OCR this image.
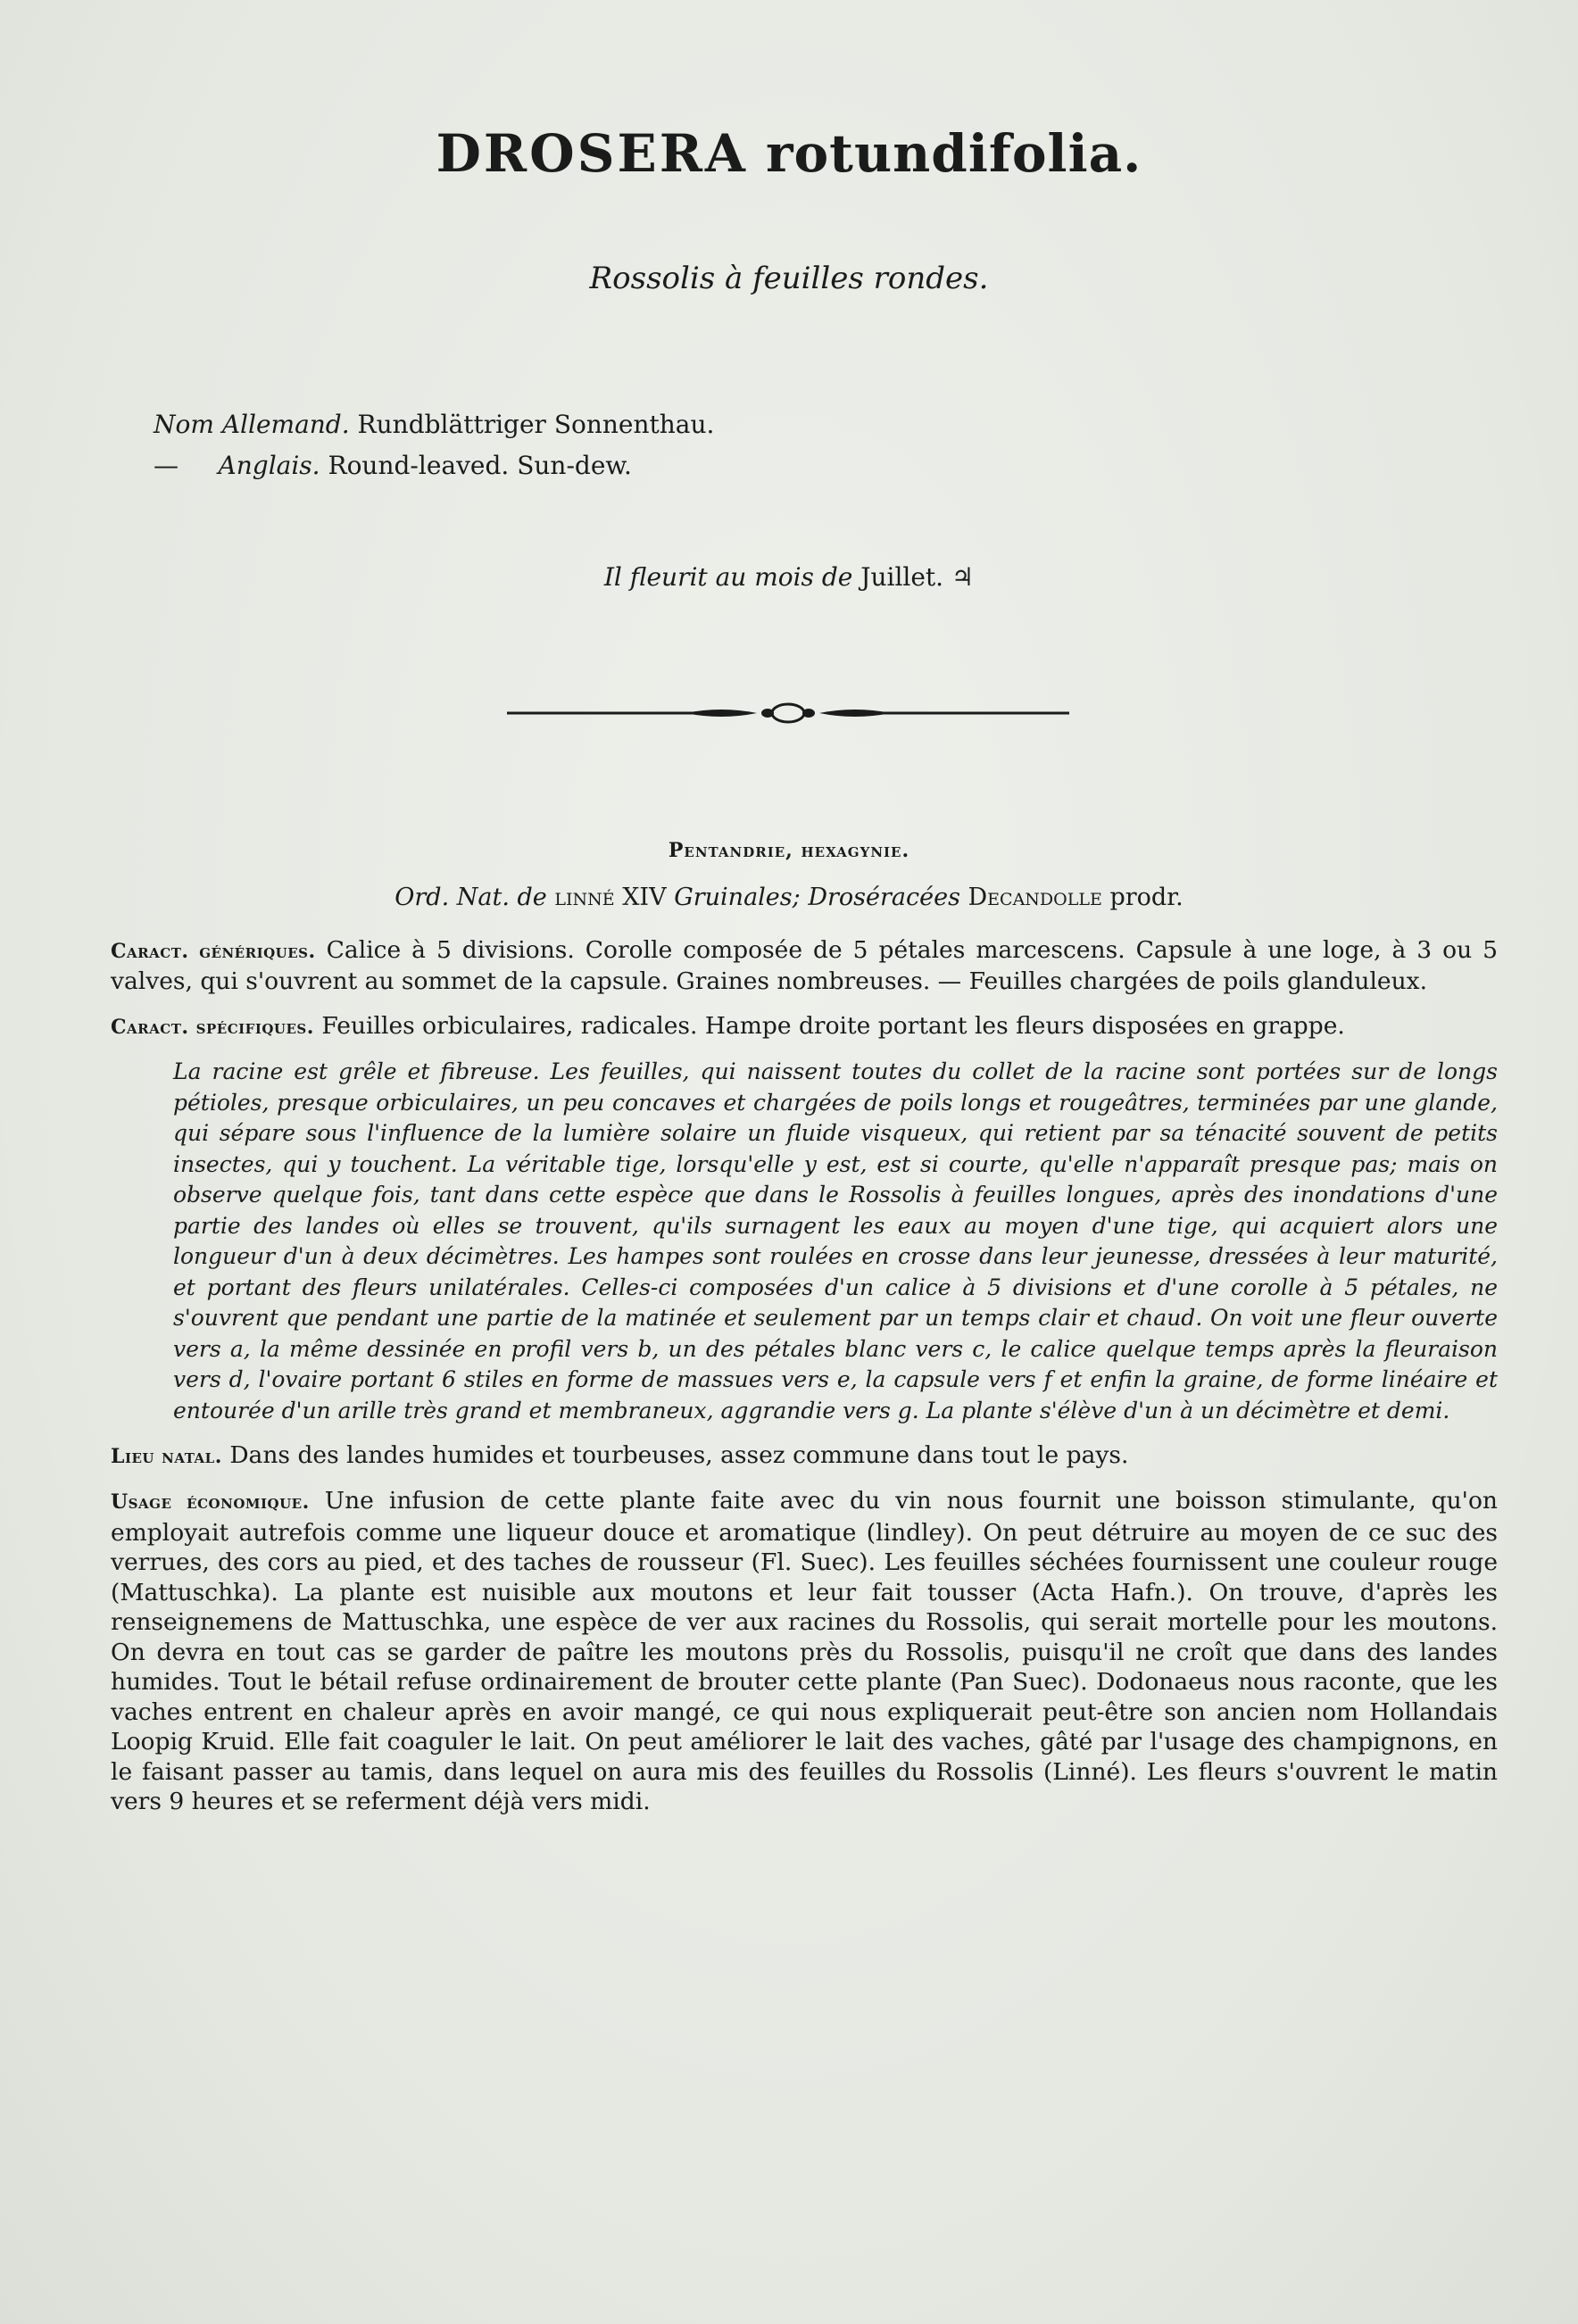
DROSERA rotundifolia.
Rossolis à feuilles rondes.
Nom Allemand. Rundblättriger Sonnenthau.
— Anglais. Round-leaved. Sun-dew.
Il fleurit au mois de Juillet. ♃
Pentandrie, hexagynie.
Ord. Nat. de linné XIV Gruinales; Droséracées Decandolle prodr.

Caract. génériques. Calice à 5 divisions. Corolle composée de 5 pétales marcescens. Capsule à une loge, à 3 ou 5 valves, qui s'ouvrent au sommet de la capsule. Graines nombreuses. — Feuilles chargées de poils glanduleux.

Caract. spécifiques. Feuilles orbiculaires, radicales. Hampe droite portant les fleurs disposées en grappe.

La racine est grêle et fibreuse. Les feuilles, qui naissent toutes du collet de la racine sont portées sur de longs pétioles, presque orbiculaires, un peu concaves et chargées de poils longs et rougeâtres, terminées par une glande, qui sépare sous l'influence de la lumière solaire un fluide visqueux, qui retient par sa ténacité souvent de petits insectes, qui y touchent. La véritable tige, lorsqu'elle y est, est si courte, qu'elle n'apparaît presque pas; mais on observe quelque fois, tant dans cette espèce que dans le Rossolis à feuilles longues, après des inondations d'une partie des landes où elles se trouvent, qu'ils surnagent les eaux au moyen d'une tige, qui acquiert alors une longueur d'un à deux décimètres. Les hampes sont roulées en crosse dans leur jeunesse, dressées à leur maturité, et portant des fleurs unilatérales. Celles-ci composées d'un calice à 5 divisions et d'une corolle à 5 pétales, ne s'ouvrent que pendant une partie de la matinée et seulement par un temps clair et chaud. On voit une fleur ouverte vers a, la même dessinée en profil vers b, un des pétales blanc vers c, le calice quelque temps après la fleuraison vers d, l'ovaire portant 6 stiles en forme de massues vers e, la capsule vers f et enfin la graine, de forme linéaire et entourée d'un arille très grand et membraneux, aggrandie vers g. La plante s'élève d'un à un décimètre et demi.

Lieu natal. Dans des landes humides et tourbeuses, assez commune dans tout le pays.

Usage économique. Une infusion de cette plante faite avec du vin nous fournit une boisson stimulante, qu'on employait autrefois comme une liqueur douce et aromatique (lindley). On peut détruire au moyen de ce suc des verrues, des cors au pied, et des taches de rousseur (Fl. Suec). Les feuilles séchées fournissent une couleur rouge (Mattuschka). La plante est nuisible aux moutons et leur fait tousser (Acta Hafn.). On trouve, d'après les renseignemens de Mattuschka, une espèce de ver aux racines du Rossolis, qui serait mortelle pour les moutons. On devra en tout cas se garder de paître les moutons près du Rossolis, puisqu'il ne croît que dans des landes humides. Tout le bétail refuse ordinairement de brouter cette plante (Pan Suec). Dodonaeus nous raconte, que les vaches entrent en chaleur après en avoir mangé, ce qui nous expliquerait peut-être son ancien nom Hollandais Loopig Kruid. Elle fait coaguler le lait. On peut améliorer le lait des vaches, gâté par l'usage des champignons, en le faisant passer au tamis, dans lequel on aura mis des feuilles du Rossolis (Linné). Les fleurs s'ouvrent le matin vers 9 heures et se referment déjà vers midi.
